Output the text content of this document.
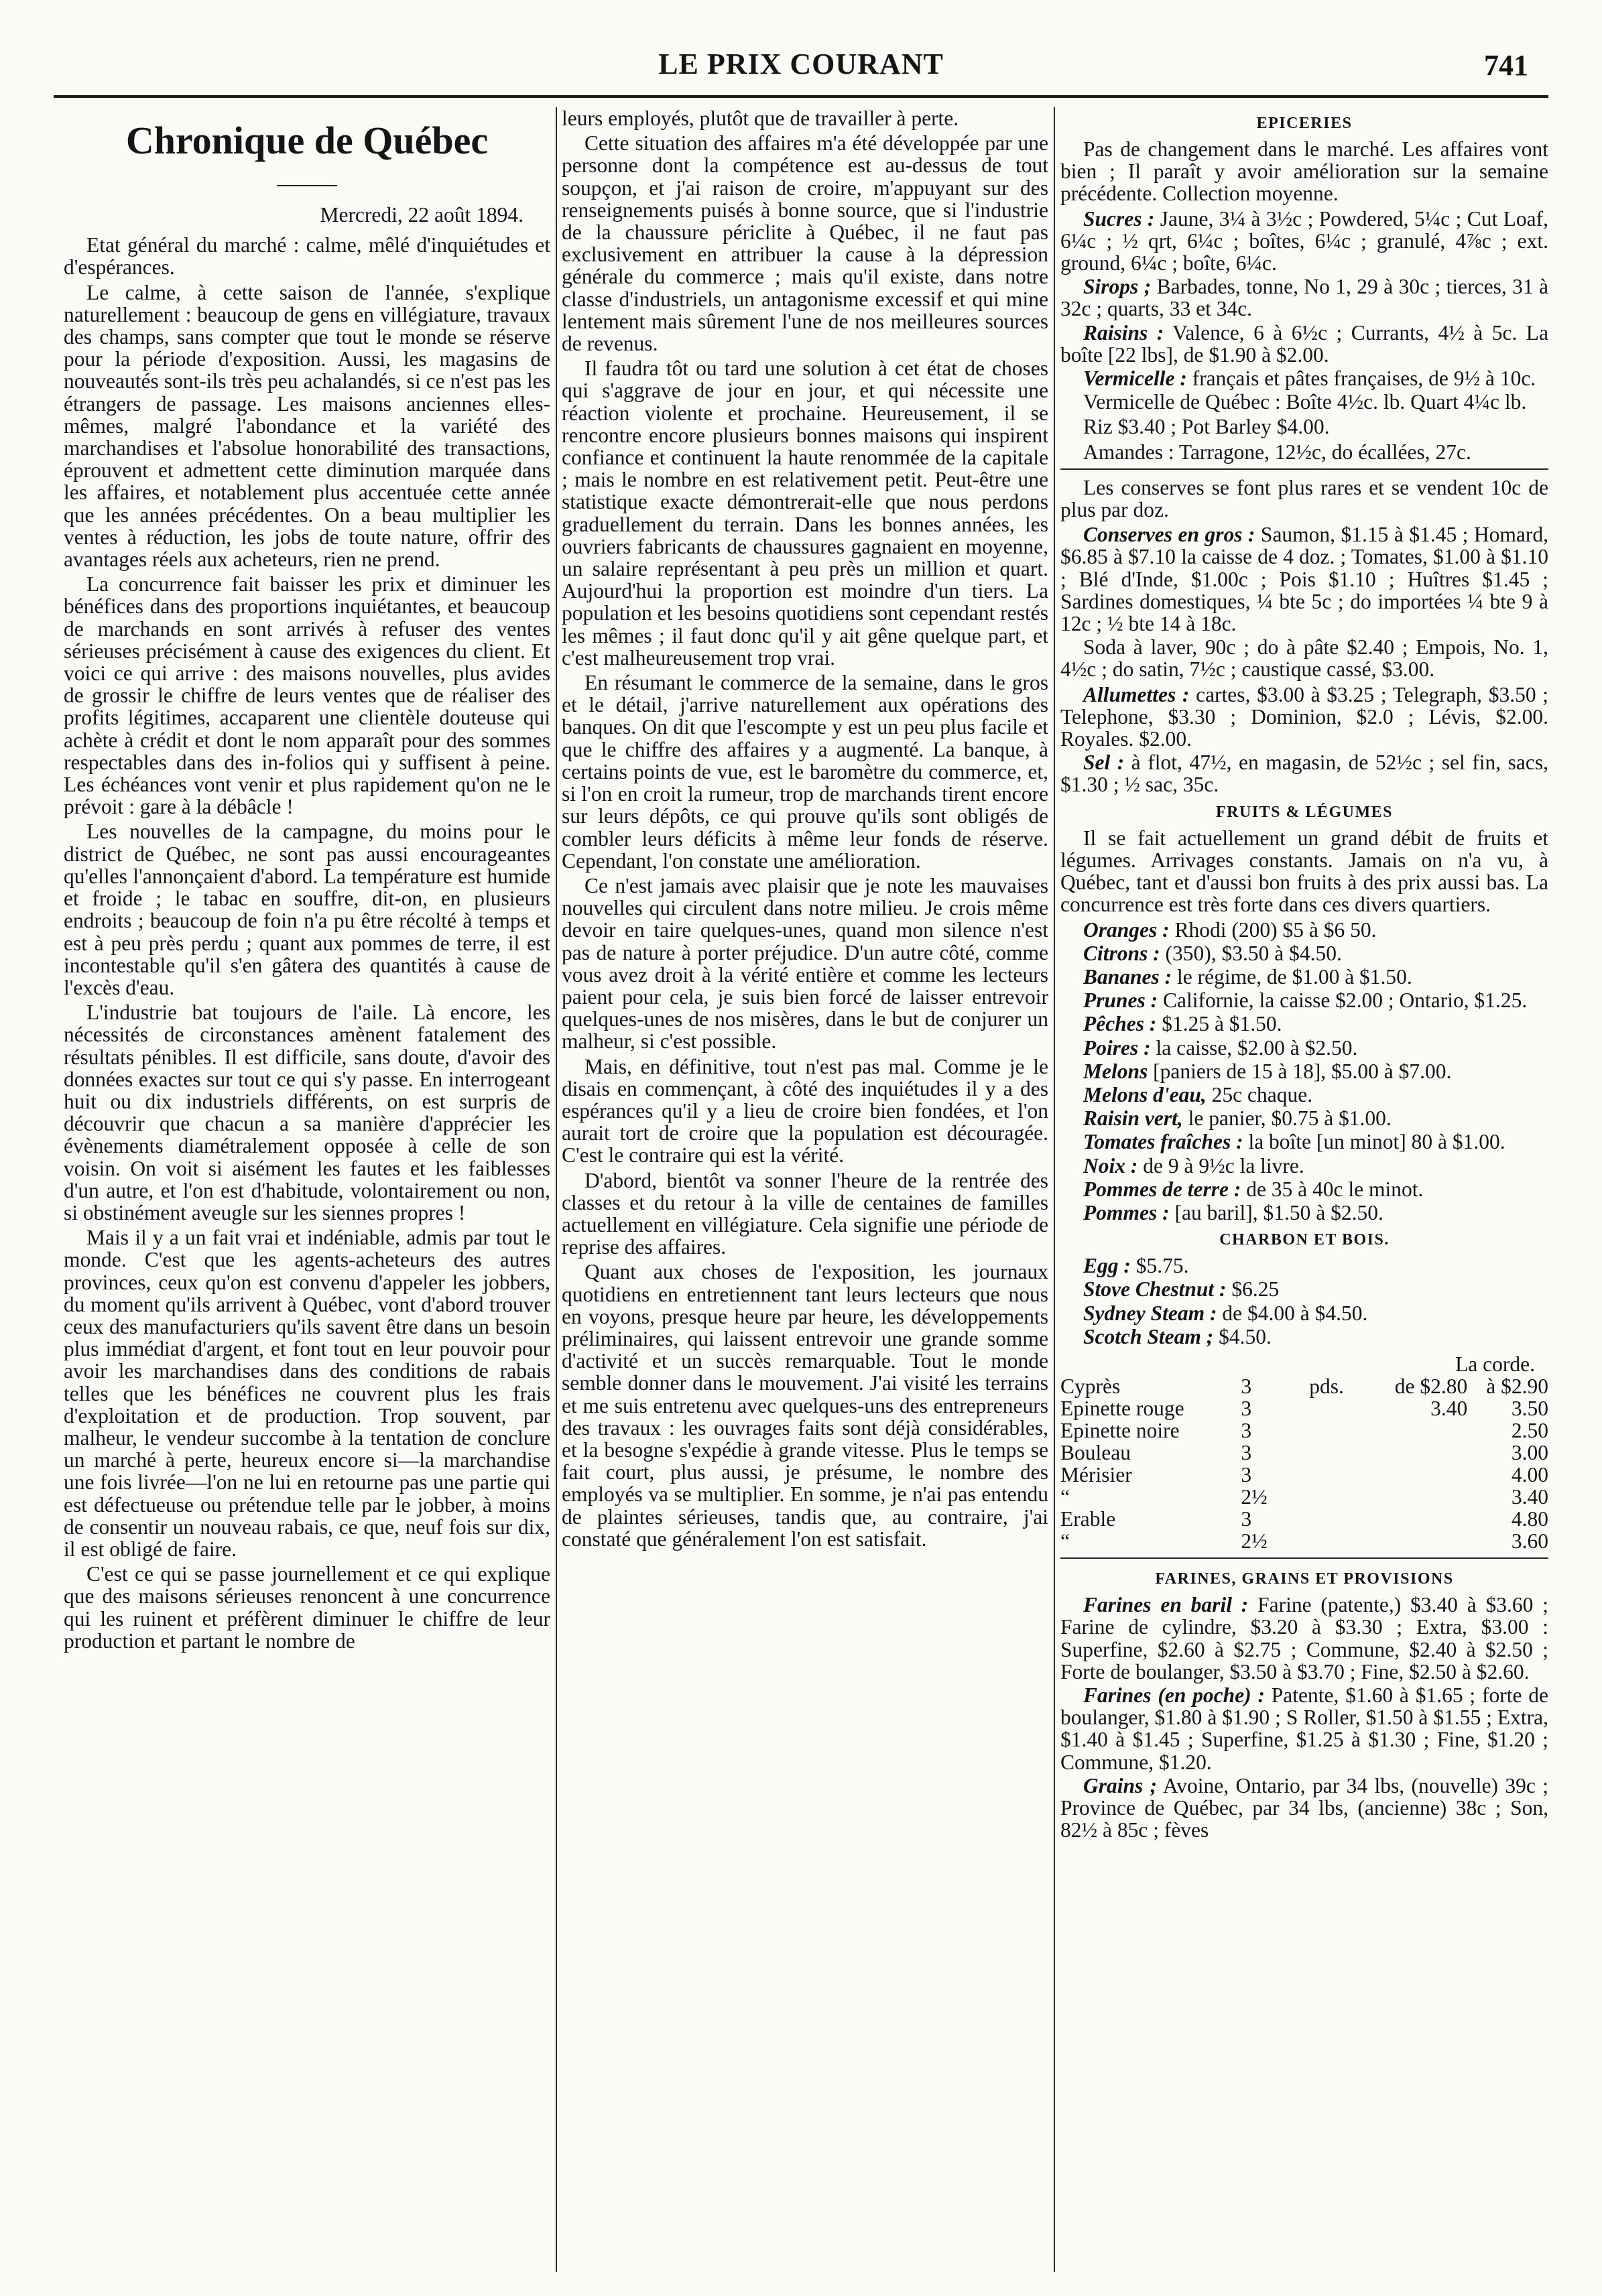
LE PRIX COURANT	741
Chronique de Québec
Mercredi, 22 août 1894.

Etat général du marché : calme, mêlé d'inquiétudes et d'espérances.

Le calme, à cette saison de l'année, s'explique naturellement : beaucoup de gens en villégiature, travaux des champs, sans compter que tout le monde se réserve pour la période d'exposition. Aussi, les magasins de nouveautés sont-ils très peu achalandés, si ce n'est pas les étrangers de passage. Les maisons anciennes elles-mêmes, malgré l'abondance et la variété des marchandises et l'absolue honorabilité des transactions, éprouvent et admettent cette diminution marquée dans les affaires, et notablement plus accentuée cette année que les années précédentes. On a beau multiplier les ventes à réduction, les jobs de toute nature, offrir des avantages réels aux acheteurs, rien ne prend.

La concurrence fait baisser les prix et diminuer les bénéfices dans des proportions inquiétantes, et beaucoup de marchands en sont arrivés à refuser des ventes sérieuses précisément à cause des exigences du client. Et voici ce qui arrive : des maisons nouvelles, plus avides de grossir le chiffre de leurs ventes que de réaliser des profits légitimes, accaparent une clientèle douteuse qui achète à crédit et dont le nom apparaît pour des sommes respectables dans des in-folios qui y suffisent à peine. Les échéances vont venir et plus rapidement qu'on ne le prévoit : gare à la débâcle !

Les nouvelles de la campagne, du moins pour le district de Québec, ne sont pas aussi encourageantes qu'elles l'annonçaient d'abord. La température est humide et froide ; le tabac en souffre, dit-on, en plusieurs endroits ; beaucoup de foin n'a pu être récolté à temps et est à peu près perdu ; quant aux pommes de terre, il est incontestable qu'il s'en gâtera des quantités à cause de l'excès d'eau.

L'industrie bat toujours de l'aile. Là encore, les nécessités de circonstances amènent fatalement des résultats pénibles. Il est difficile, sans doute, d'avoir des données exactes sur tout ce qui s'y passe. En interrogeant huit ou dix industriels différents, on est surpris de découvrir que chacun a sa manière d'apprécier les évènements diamétralement opposée à celle de son voisin. On voit si aisément les fautes et les faiblesses d'un autre, et l'on est d'habitude, volontairement ou non, si obstinément aveugle sur les siennes propres !

Mais il y a un fait vrai et indéniable, admis par tout le monde. C'est que les agents-acheteurs des autres provinces, ceux qu'on est convenu d'appeler les jobbers, du moment qu'ils arrivent à Québec, vont d'abord trouver ceux des manufacturiers qu'ils savent être dans un besoin plus immédiat d'argent, et font tout en leur pouvoir pour avoir les marchandises dans des conditions de rabais telles que les bénéfices ne couvrent plus les frais d'exploitation et de production. Trop souvent, par malheur, le vendeur succombe à la tentation de conclure un marché à perte, heureux encore si—la marchandise une fois livrée—l'on ne lui en retourne pas une partie qui est défectueuse ou prétendue telle par le jobber, à moins de consentir un nouveau rabais, ce que, neuf fois sur dix, il est obligé de faire.

C'est ce qui se passe journellement et ce qui explique que des maisons sérieuses renoncent à une concurrence qui les ruinent et préfèrent diminuer le chiffre de leur production et partant le nombre de

leurs employés, plutôt que de travailler à perte.

Cette situation des affaires m'a été développée par une personne dont la compétence est au-dessus de tout soupçon, et j'ai raison de croire, m'appuyant sur des renseignements puisés à bonne source, que si l'industrie de la chaussure périclite à Québec, il ne faut pas exclusivement en attribuer la cause à la dépression générale du commerce ; mais qu'il existe, dans notre classe d'industriels, un antagonisme excessif et qui mine lentement mais sûrement l'une de nos meilleures sources de revenus.

Il faudra tôt ou tard une solution à cet état de choses qui s'aggrave de jour en jour, et qui nécessite une réaction violente et prochaine. Heureusement, il se rencontre encore plusieurs bonnes maisons qui inspirent confiance et continuent la haute renommée de la capitale ; mais le nombre en est relativement petit. Peut-être une statistique exacte démontrerait-elle que nous perdons graduellement du terrain. Dans les bonnes années, les ouvriers fabricants de chaussures gagnaient en moyenne, un salaire représentant à peu près un million et quart. Aujourd'hui la proportion est moindre d'un tiers. La population et les besoins quotidiens sont cependant restés les mêmes ; il faut donc qu'il y ait gêne quelque part, et c'est malheureusement trop vrai.

En résumant le commerce de la semaine, dans le gros et le détail, j'arrive naturellement aux opérations des banques. On dit que l'escompte y est un peu plus facile et que le chiffre des affaires y a augmenté. La banque, à certains points de vue, est le baromètre du commerce, et, si l'on en croit la rumeur, trop de marchands tirent encore sur leurs dépôts, ce qui prouve qu'ils sont obligés de combler leurs déficits à même leur fonds de réserve. Cependant, l'on constate une amélioration.

Ce n'est jamais avec plaisir que je note les mauvaises nouvelles qui circulent dans notre milieu. Je crois même devoir en taire quelques-unes, quand mon silence n'est pas de nature à porter préjudice. D'un autre côté, comme vous avez droit à la vérité entière et comme les lecteurs paient pour cela, je suis bien forcé de laisser entrevoir quelques-unes de nos misères, dans le but de conjurer un malheur, si c'est possible.

Mais, en définitive, tout n'est pas mal. Comme je le disais en commençant, à côté des inquiétudes il y a des espérances qu'il y a lieu de croire bien fondées, et l'on aurait tort de croire que la population est découragée. C'est le contraire qui est la vérité.

D'abord, bientôt va sonner l'heure de la rentrée des classes et du retour à la ville de centaines de familles actuellement en villégiature. Cela signifie une période de reprise des affaires.

Quant aux choses de l'exposition, les journaux quotidiens en entretiennent tant leurs lecteurs que nous en voyons, presque heure par heure, les développements préliminaires, qui laissent entrevoir une grande somme d'activité et un succès remarquable. Tout le monde semble donner dans le mouvement. J'ai visité les terrains et me suis entretenu avec quelques-uns des entrepreneurs des travaux : les ouvrages faits sont déjà considérables, et la besogne s'expédie à grande vitesse. Plus le temps se fait court, plus aussi, je présume, le nombre des employés va se multiplier. En somme, je n'ai pas entendu de plaintes sérieuses, tandis que, au contraire, j'ai constaté que généralement l'on est satisfait.

EPICERIES

Pas de changement dans le marché. Les affaires vont bien ; Il paraît y avoir amélioration sur la semaine précédente. Collection moyenne.

Sucres : Jaune, 3¼ à 3½c ; Powdered, 5¼c ; Cut Loaf, 6¼c ; ½ qrt, 6¼c ; boîtes, 6¼c ; granulé, 4⅞c ; ext. ground, 6¼c ; boîte, 6¼c.
Sirops ; Barbades, tonne, No 1, 29 à 30c ; tierces, 31 à 32c ; quarts, 33 et 34c.
Raisins : Valence, 6 à 6½c ; Currants, 4½ à 5c. La boîte [22 lbs], de $1.90 à $2.00.
Vermicelle : français et pâtes françaises, de 9½ à 10c.

Vermicelle de Québec : Boîte 4½c. lb. Quart 4¼c lb.

Riz $3.40 ; Pot Barley $4.00.

Amandes : Tarragone, 12½c, do écallées, 27c.

Les conserves se font plus rares et se vendent 10c de plus par doz.

Conserves en gros : Saumon, $1.15 à $1.45 ; Homard, $6.85 à $7.10 la caisse de 4 doz. ; Tomates, $1.00 à $1.10 ; Blé d'Inde, $1.00c ; Pois $1.10 ; Huîtres $1.45 ; Sardines domestiques, ¼ bte 5c ; do importées ¼ bte 9 à 12c ; ½ bte 14 à 18c.

Soda à laver, 90c ; do à pâte $2.40 ; Empois, No. 1, 4½c ; do satin, 7½c ; caustique cassé, $3.00.

Allumettes : cartes, $3.00 à $3.25 ; Telegraph, $3.50 ; Telephone, $3.30 ; Dominion, $2.0 ; Lévis, $2.00. Royales. $2.00.
Sel : à flot, 47½, en magasin, de 52½c ; sel fin, sacs, $1.30 ; ½ sac, 35c.
FRUITS & LÉGUMES

Il se fait actuellement un grand débit de fruits et légumes. Arrivages constants. Jamais on n'a vu, à Québec, tant et d'aussi bon fruits à des prix aussi bas. La concurrence est très forte dans ces divers quartiers.

Oranges : Rhodi (200) $5 à $6 50.
Citrons : (350), $3.50 à $4.50.
Bananes : le régime, de $1.00 à $1.50.
Prunes : Californie, la caisse $2.00 ; Ontario, $1.25.
Pêches : $1.25 à $1.50.
Poires : la caisse, $2.00 à $2.50.
Melons [paniers de 15 à 18], $5.00 à $7.00.
Melons d'eau, 25c chaque.
Raisin vert, le panier, $0.75 à $1.00.
Tomates fraîches : la boîte [un minot] 80 à $1.00.
Noix : de 9 à 9½c la livre.
Pommes de terre : de 35 à 40c le minot.
Pommes : [au baril], $1.50 à $2.50.
CHARBON ET BOIS.
Egg : $5.75.
Stove Chestnut : $6.25
Sydney Steam : de $4.00 à $4.50.
Scotch Steam ; $4.50.
La corde.
Cyprès	3	pds.	de $2.80	à $2.90
Epinette rouge	3		3.40	3.50
Epinette noire	3			2.50
Bouleau	3			3.00
Mérisier	3			4.00
“	2½			3.40
Erable	3			4.80
“	2½			3.60
FARINES, GRAINS ET PROVISIONS
Farines en baril : Farine (patente,) $3.40 à $3.60 ; Farine de cylindre, $3.20 à $3.30 ; Extra, $3.00 : Superfine, $2.60 à $2.75 ; Commune, $2.40 à $2.50 ; Forte de boulanger, $3.50 à $3.70 ; Fine, $2.50 à $2.60.
Farines (en poche) : Patente, $1.60 à $1.65 ; forte de boulanger, $1.80 à $1.90 ; S Roller, $1.50 à $1.55 ; Extra, $1.40 à $1.45 ; Superfine, $1.25 à $1.30 ; Fine, $1.20 ; Commune, $1.20.
Grains ; Avoine, Ontario, par 34 lbs, (nouvelle) 39c ; Province de Québec, par 34 lbs, (ancienne) 38c ; Son, 82½ à 85c ; fèves
